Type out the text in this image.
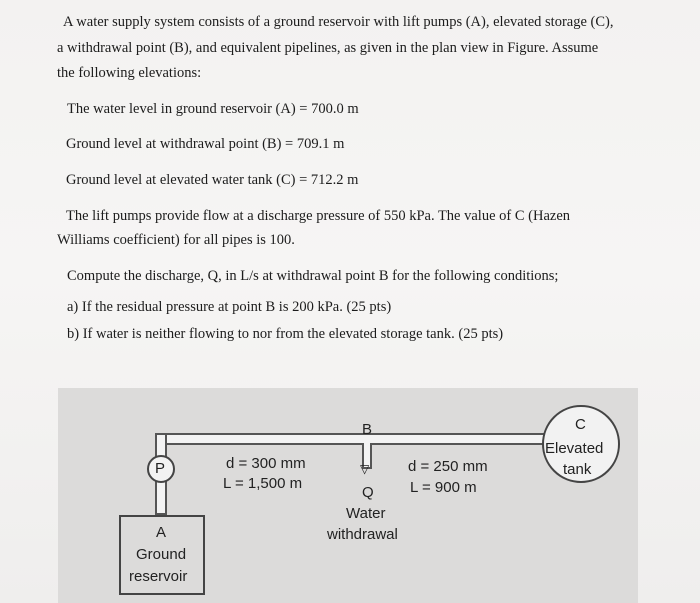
A water supply system consists of a ground reservoir with lift pumps (A), elevated storage (C),
a withdrawal point (B), and equivalent pipelines, as given in the plan view in Figure. Assume
the following elevations:
The water level in ground reservoir (A) = 700.0 m
Ground level at withdrawal point (B) = 709.1 m
Ground level at elevated water tank (C) = 712.2 m
The lift pumps provide flow at a discharge pressure of 550 kPa. The value of C (Hazen
Williams coefficient) for all pipes is 100.
Compute the discharge, Q, in L/s at withdrawal point B for the following conditions;
a) If the residual pressure at point B is 200 kPa. (25 pts)
b) If water is neither flowing to nor from the elevated storage tank. (25 pts)
▽
P
A
Ground
reservoir
B
d = 300 mm
L = 1,500 m
d = 250 mm
L = 900 m
Q
Water
withdrawal
C
Elevated
tank
